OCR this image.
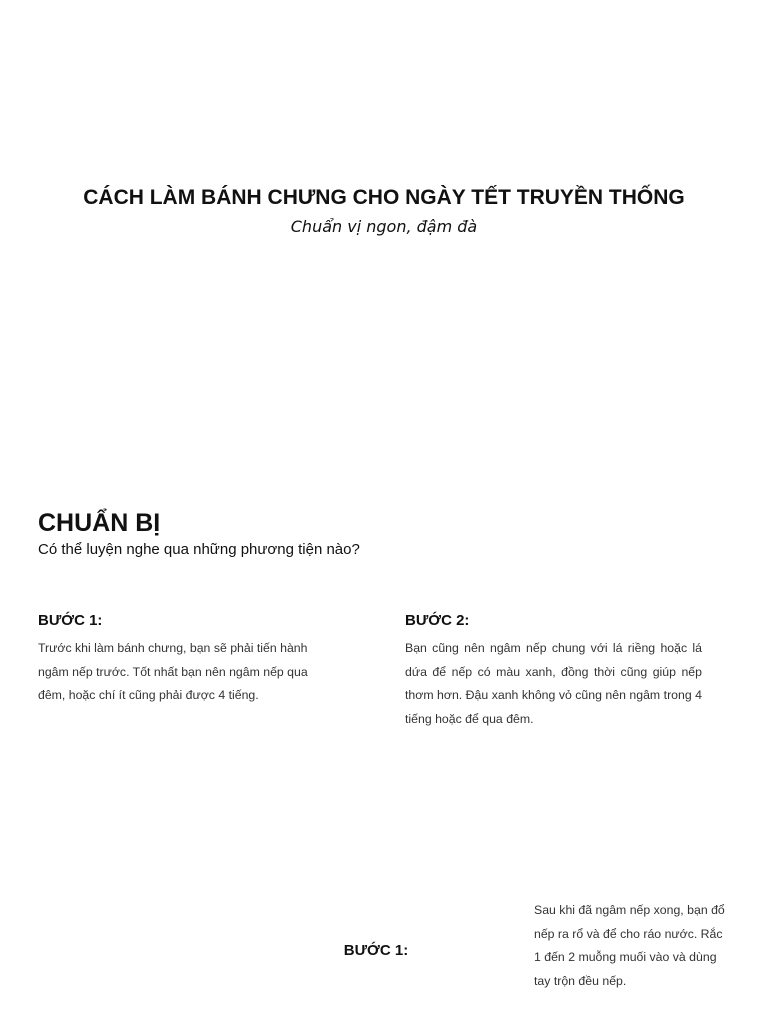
CÁCH LÀM BÁNH CHƯNG CHO NGÀY TẾT TRUYỀN THỐNG

Chuẩn vị ngon, đậm đà

CHUẨN BỊ

Có thể luyện nghe qua những phương tiện nào?

BƯỚC 1:

Trước khi làm bánh chưng, bạn sẽ phải tiến hành ngâm nếp trước. Tốt nhất bạn nên ngâm nếp qua đêm, hoặc chí ít cũng phải được 4 tiếng.

BƯỚC 2:

Bạn cũng nên ngâm nếp chung với lá riềng hoặc lá dứa để nếp có màu xanh, đồng thời cũng giúp nếp thơm hơn. Đậu xanh không vỏ cũng nên ngâm trong 4 tiếng hoặc để qua đêm.

BƯỚC 1:

Sau khi đã ngâm nếp xong, bạn đổ nếp ra rổ và để cho ráo nước. Rắc 1 đến 2 muỗng muối vào và dùng tay trộn đều nếp.
